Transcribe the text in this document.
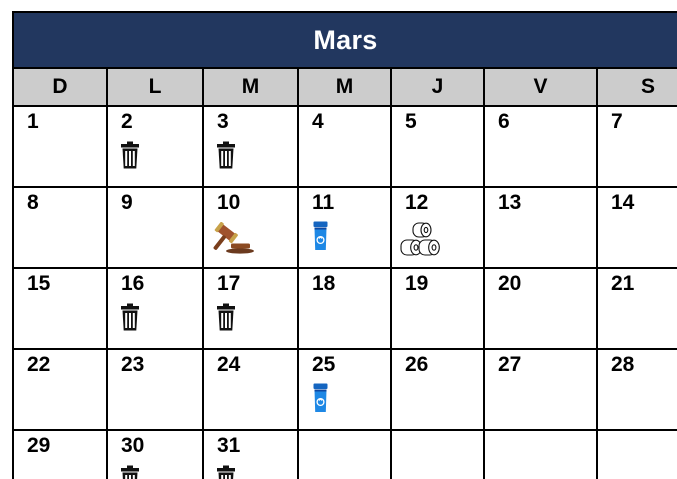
Mars
D	L	M	M	J	V	S

1	2	3	4	5	6	7

8	9	10	11	12	13	14

15	16	17	18	19	20	21

22	23	24	25	26	27	28

29	30	31				
